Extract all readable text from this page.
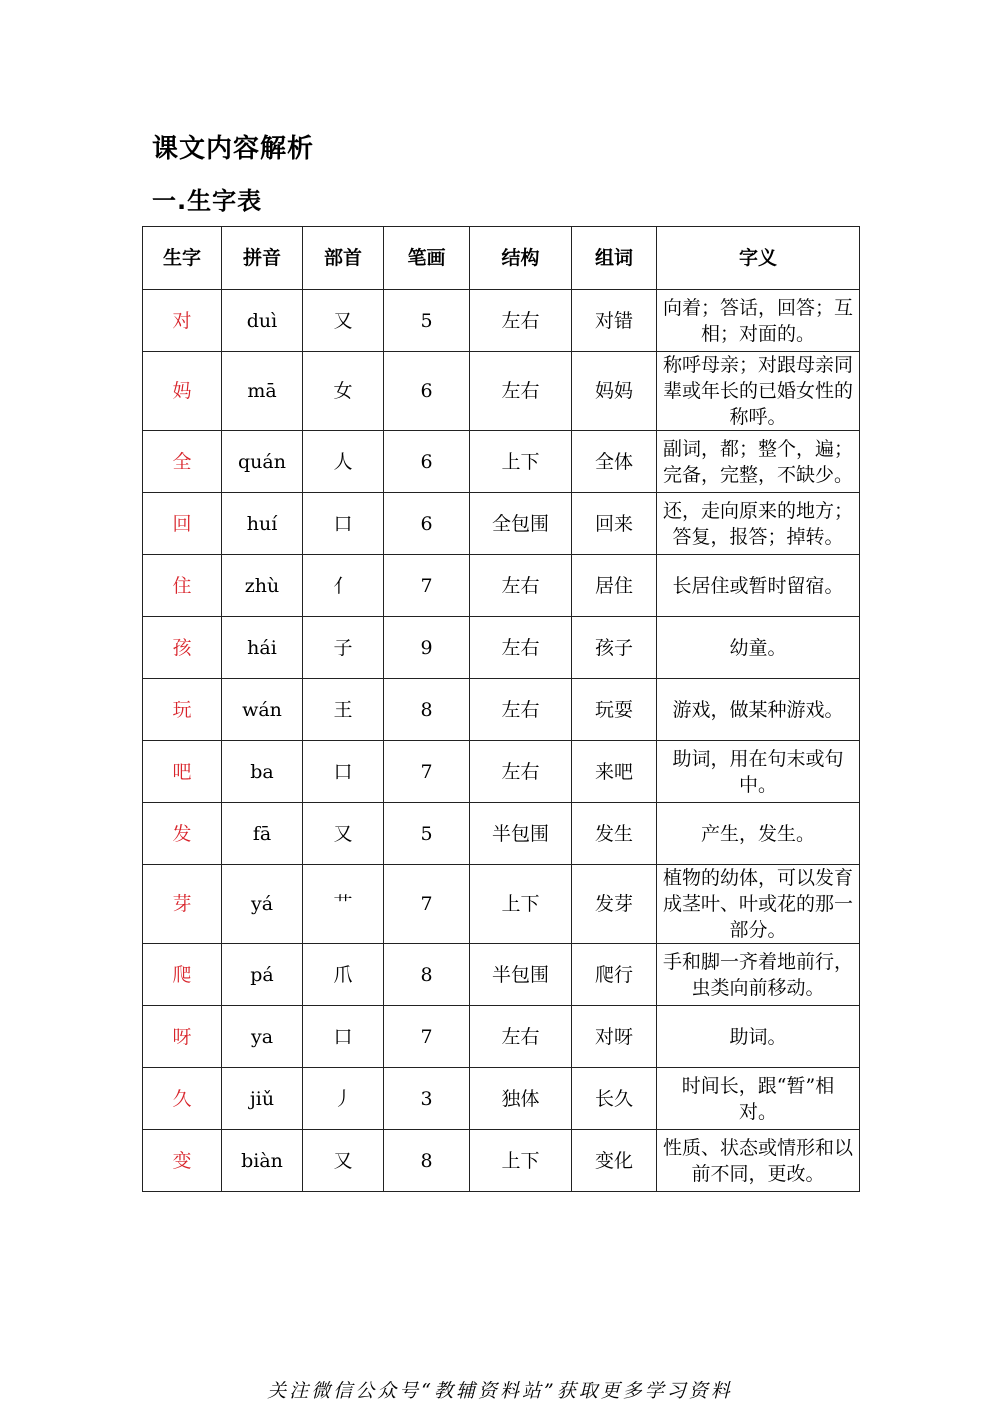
课文内容解析
一.生字表
生字	拼音	部首	笔画	结构	组词	字义
对	duì	又	5	左右	对错	向着；答话，回答；互相；对面的。
妈	mā	女	6	左右	妈妈	称呼母亲；对跟母亲同辈或年长的已婚女性的称呼。
全	quán	人	6	上下	全体	副词，都；整个，遍；完备，完整，不缺少。
回	huí	口	6	全包围	回来	还，走向原来的地方；答复，报答；掉转。
住	zhù	亻	7	左右	居住	长居住或暂时留宿。
孩	hái	子	9	左右	孩子	幼童。
玩	wán	王	8	左右	玩耍	游戏，做某种游戏。
吧	ba	口	7	左右	来吧	助词，用在句末或句中。
发	fā	又	5	半包围	发生	产生，发生。
芽	yá	艹	7	上下	发芽	植物的幼体，可以发育成茎叶、叶或花的那一部分。
爬	pá	爪	8	半包围	爬行	手和脚一齐着地前行，虫类向前移动。
呀	ya	口	7	左右	对呀	助词。
久	jiǔ	丿	3	独体	长久	时间长，跟“暂”相对。
变	biàn	又	8	上下	变化	性质、状态或情形和以前不同，更改。
关注微信公众号“教辅资料站”获取更多学习资料
